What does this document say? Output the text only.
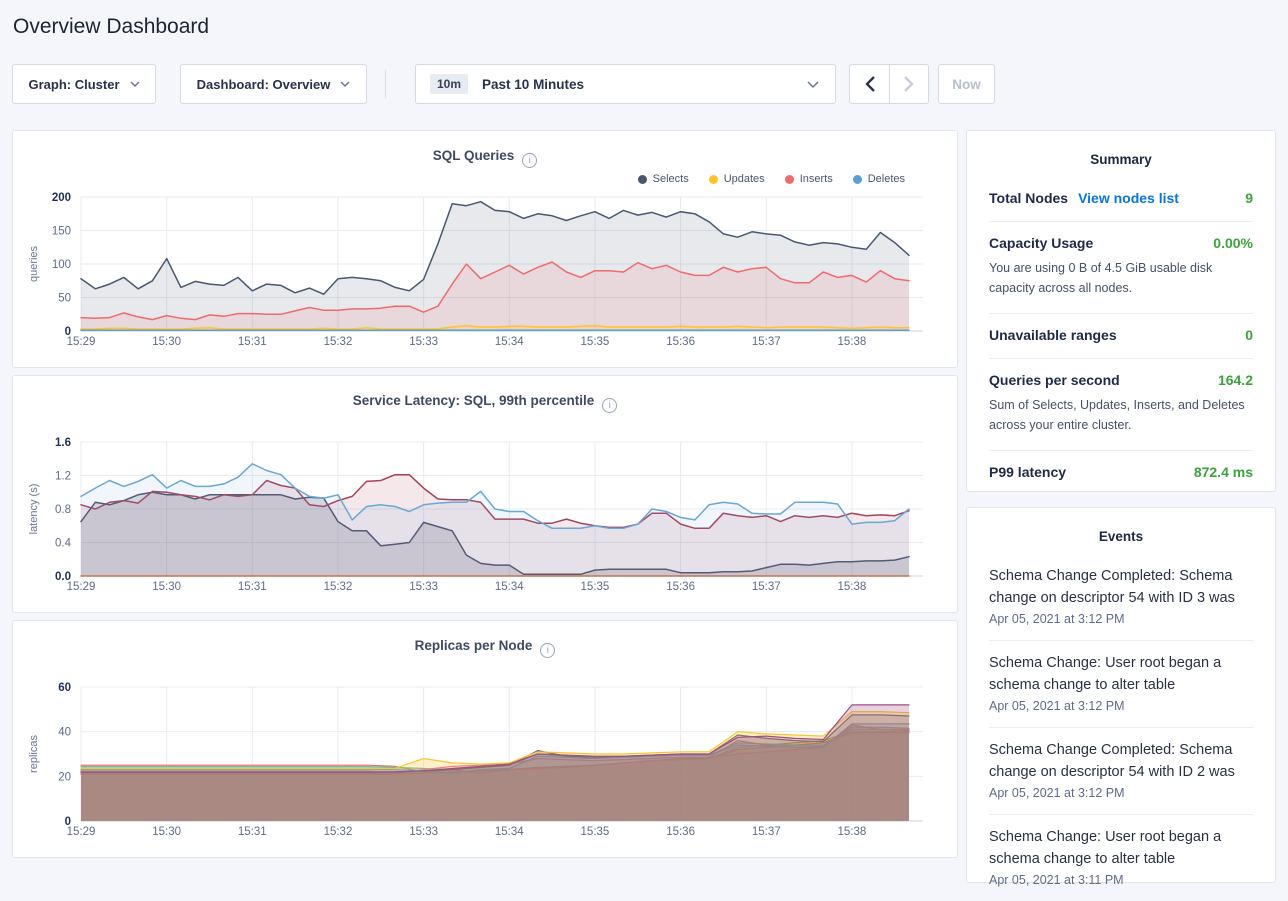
Overview Dashboard
Graph: Cluster	Dashboard: Overview	10m	Past 10 Minutes	Now
SQL Queries i
Selects	Updates	Inserts	Deletes
15:29	15:30	15:31	15:32	15:33	15:34	15:35	15:36	15:37	15:38
0
50
100
150
200
queries
Service Latency: SQL, 99th percentile i
15:29	15:30	15:31	15:32	15:33	15:34	15:35	15:36	15:37	15:38
0.0
0.4
0.8
1.2
1.6
latency (s)
Replicas per Node i
15:29	15:30	15:31	15:32	15:33	15:34	15:35	15:36	15:37	15:38
0
20
40
60
replicas
Summary
Total Nodes View nodes list	9
Capacity Usage	0.00%
You are using 0 B of 4.5 GiB usable disk capacity across all nodes.
Unavailable ranges	0
Queries per second	164.2
Sum of Selects, Updates, Inserts, and Deletes across your entire cluster.
P99 latency	872.4 ms
Events
Schema Change Completed: Schema change on descriptor 54 with ID 3 was
Apr 05, 2021 at 3:12 PM
Schema Change: User root began a schema change to alter table
Apr 05, 2021 at 3:12 PM
Schema Change Completed: Schema change on descriptor 54 with ID 2 was
Apr 05, 2021 at 3:12 PM
Schema Change: User root began a schema change to alter table
Apr 05, 2021 at 3:11 PM
